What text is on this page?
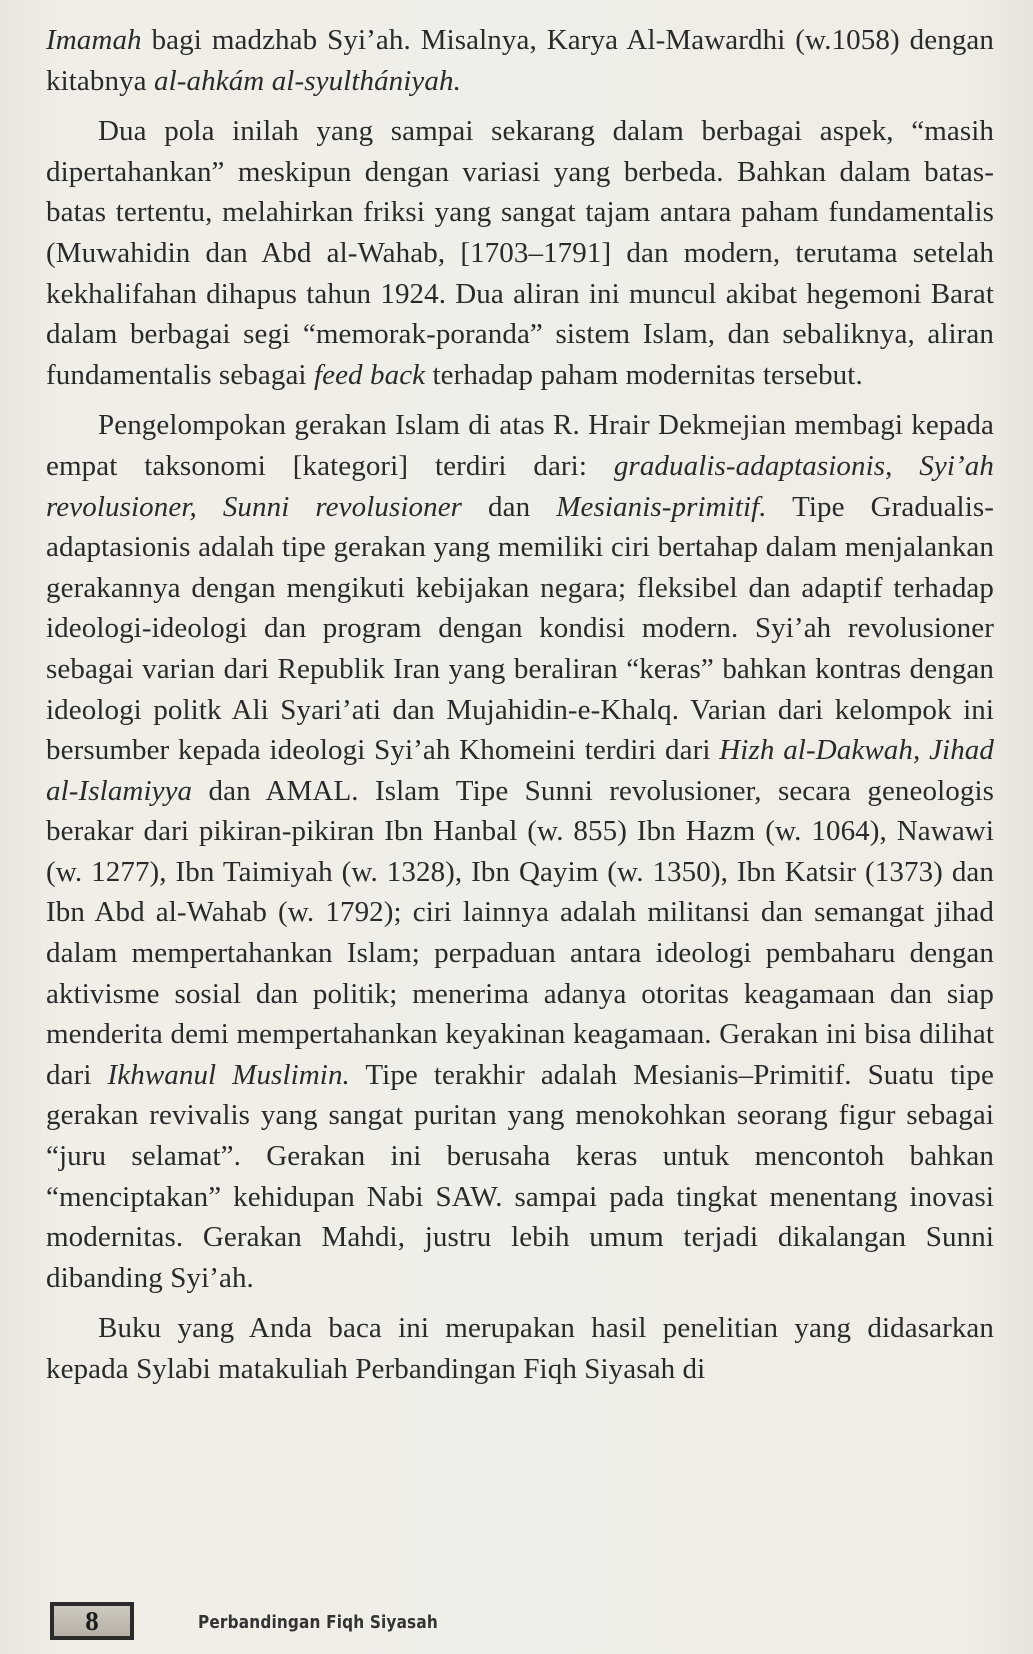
Imamah bagi madzhab Syi’ah. Misalnya, Karya Al-Mawardhi (w.1058) dengan kitabnya al-ahkám al-syulthániyah.

Dua pola inilah yang sampai sekarang dalam berbagai aspek, “masih dipertahankan” meskipun dengan variasi yang berbeda. Bahkan dalam batas-batas tertentu, melahirkan friksi yang sangat tajam antara paham fundamentalis (Muwahidin dan Abd al-Wahab, [1703–1791] dan modern, terutama setelah kekhalifahan dihapus tahun 1924. Dua aliran ini muncul akibat hegemoni Barat dalam berbagai segi “memorak-poranda” sistem Islam, dan sebaliknya, aliran fundamentalis sebagai feed back terhadap paham modernitas tersebut.

Pengelompokan gerakan Islam di atas R. Hrair Dekmejian membagi kepada empat taksonomi [kategori] terdiri dari: gradualis-adaptasionis, Syi’ah revolusioner, Sunni revolusioner dan Mesianis-primitif. Tipe Gradualis-adaptasionis adalah tipe gerakan yang memiliki ciri bertahap dalam menjalankan gerakannya dengan mengikuti kebijakan negara; fleksibel dan adaptif terhadap ideologi-ideologi dan program dengan kondisi modern. Syi’ah revolusioner sebagai varian dari Republik Iran yang beraliran “keras” bahkan kontras dengan ideologi politk Ali Syari’ati dan Mujahidin-e-Khalq. Varian dari kelompok ini bersumber kepada ideologi Syi’ah Khomeini terdiri dari Hizh al-Dakwah, Jihad al-Islamiyya dan AMAL. Islam Tipe Sunni revolusioner, secara geneologis berakar dari pikiran-pikiran Ibn Hanbal (w. 855) Ibn Hazm (w. 1064), Nawawi (w. 1277), Ibn Taimiyah (w. 1328), Ibn Qayim (w. 1350), Ibn Katsir (1373) dan Ibn Abd al-Wahab (w. 1792); ciri lainnya adalah militansi dan semangat jihad dalam mempertahankan Islam; perpaduan antara ideologi pembaharu dengan aktivisme sosial dan politik; menerima adanya otoritas keagamaan dan siap menderita demi mempertahankan keyakinan keagamaan. Gerakan ini bisa dilihat dari Ikhwanul Muslimin. Tipe terakhir adalah Mesianis–Primitif. Suatu tipe gerakan revivalis yang sangat puritan yang menokohkan seorang figur sebagai “juru selamat”. Gerakan ini berusaha keras untuk mencontoh bahkan “menciptakan” kehidupan Nabi SAW. sampai pada tingkat menentang inovasi modernitas. Gerakan Mahdi, justru lebih umum terjadi dikalangan Sunni dibanding Syi’ah.

Buku yang Anda baca ini merupakan hasil penelitian yang didasarkan kepada Sylabi matakuliah Perbandingan Fiqh Siyasah di

8	Perbandingan Fiqh Siyasah
